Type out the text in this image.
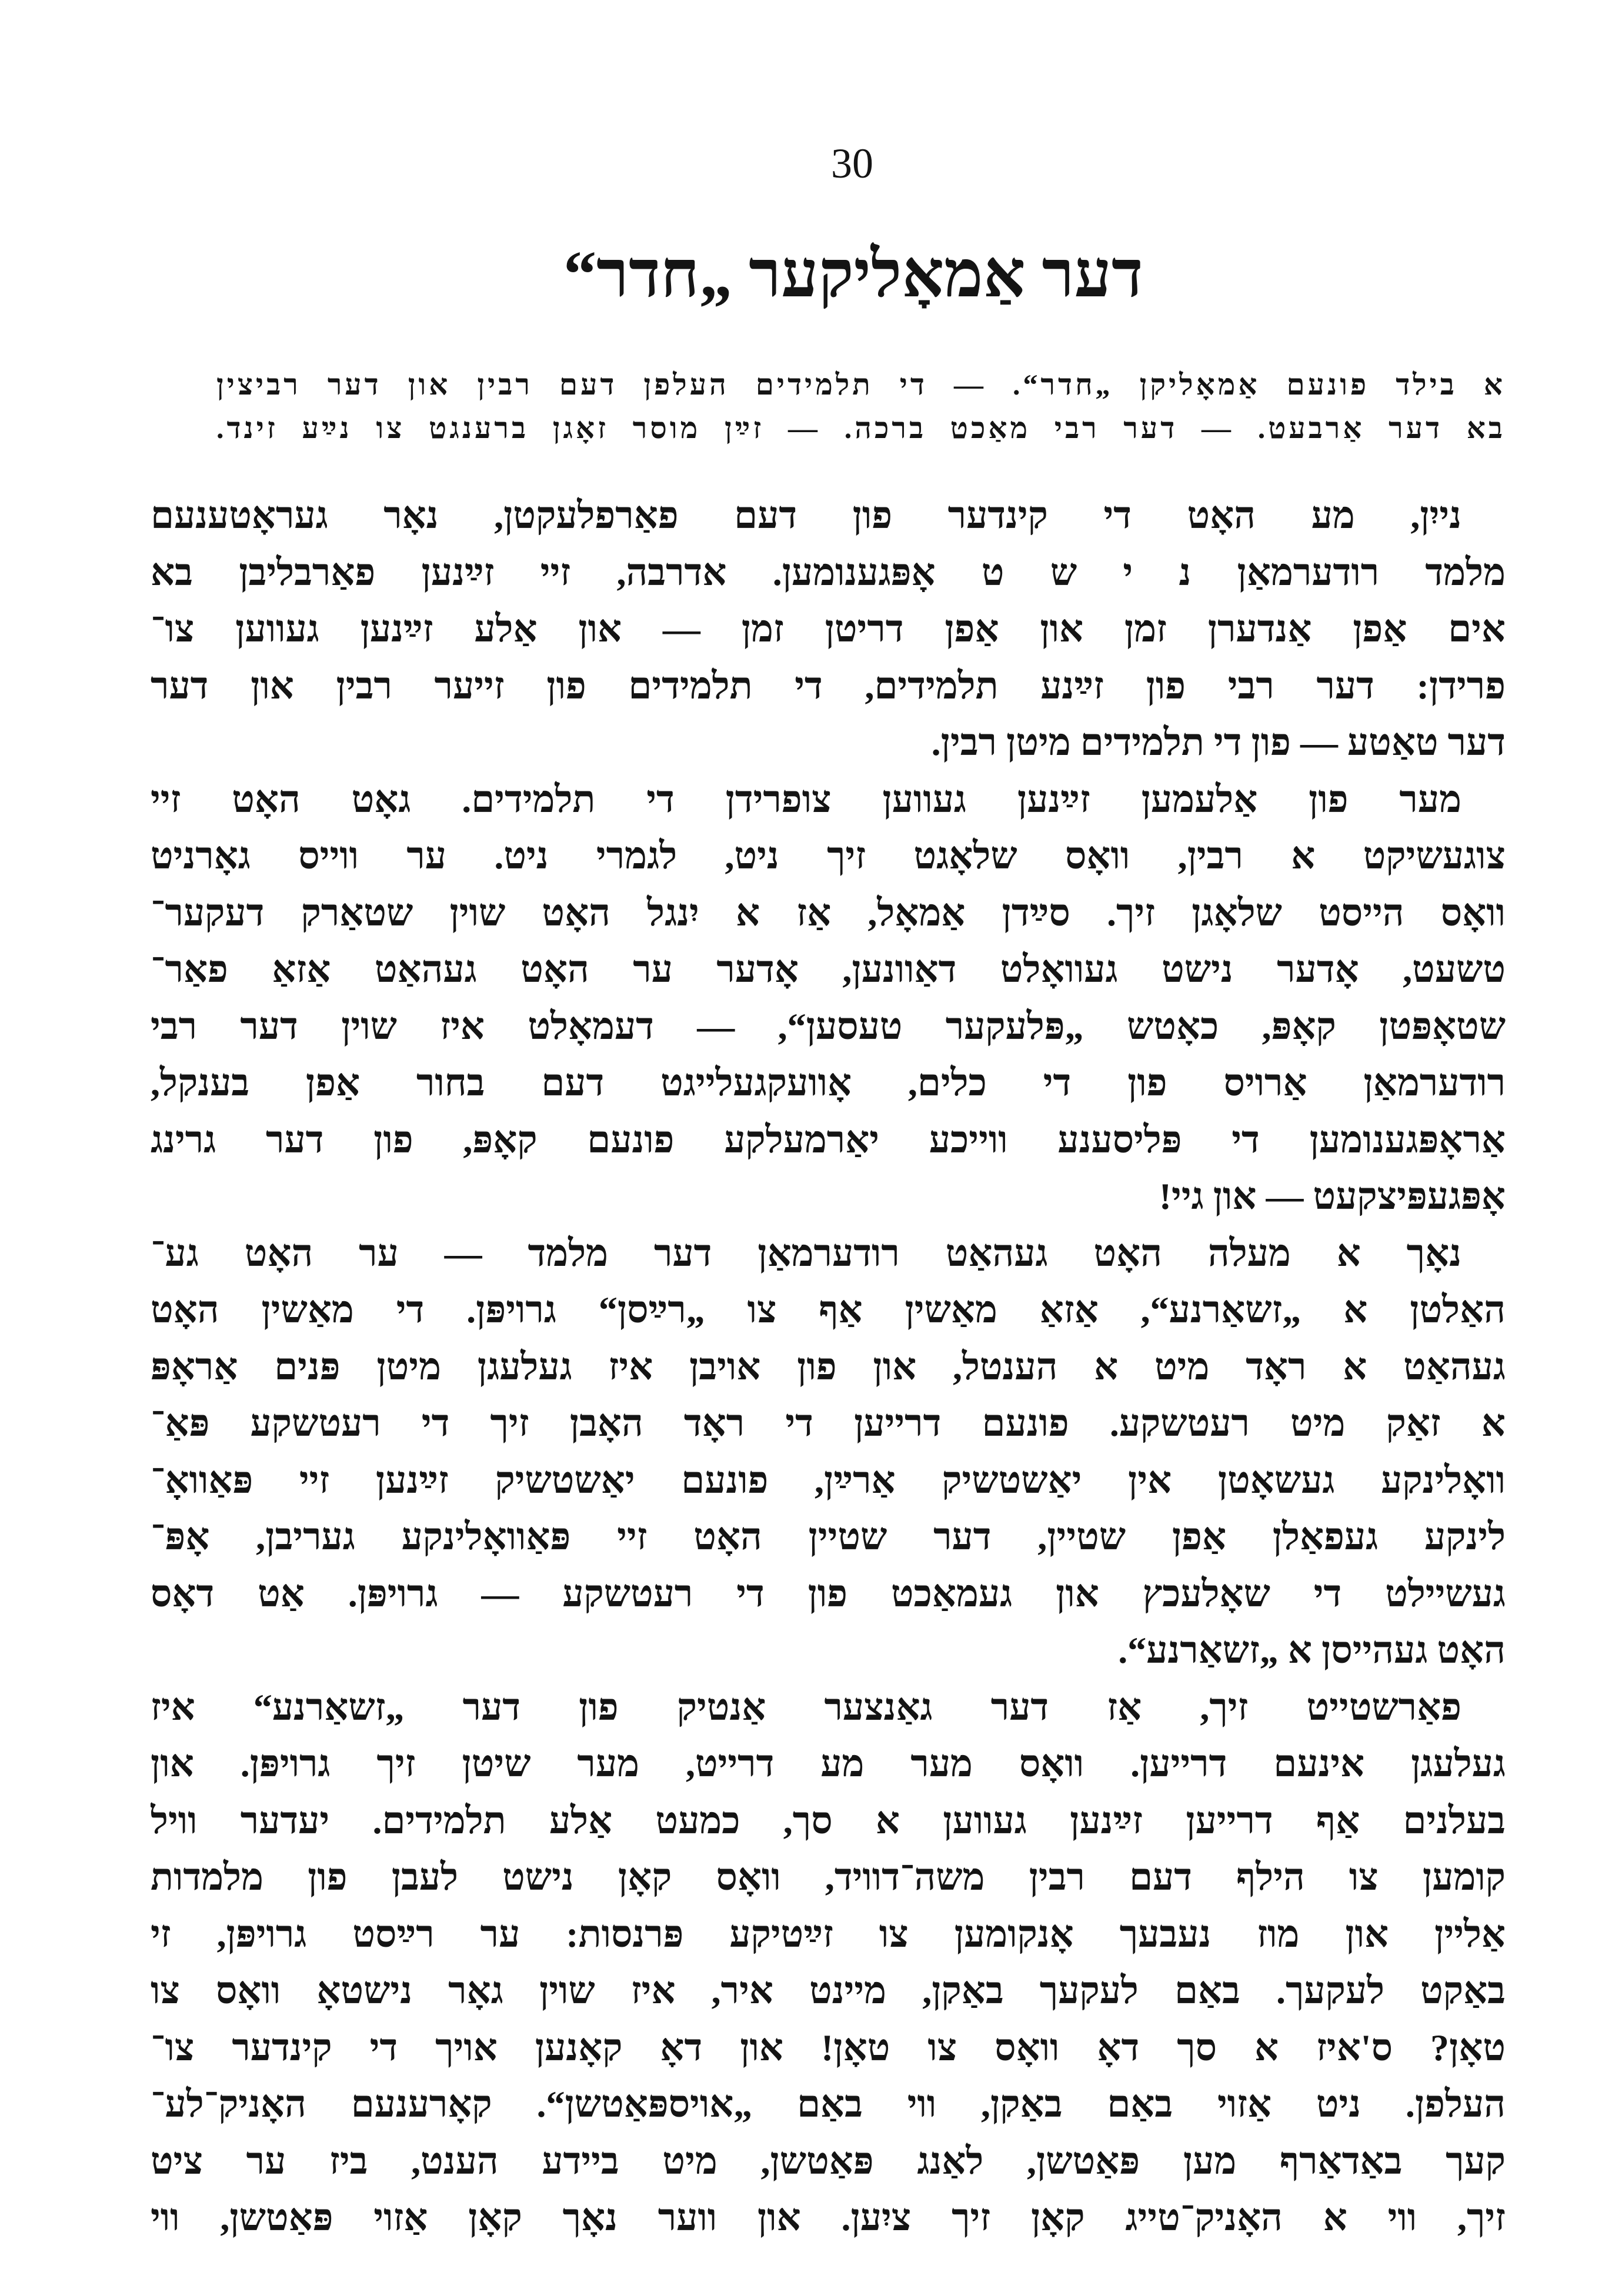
30
דער אַמאָליקער „חדר“
א בילד פונעם אַמאָליקן „חדר“. — די תלמידים העלפן דעם רבין און דער רביצין
בא דער אַרבעט. — דער רבי מאַכט ברכה. — זײַן מוסר זאָגן ברענגט צו נײַע זינד.
נייִן, מע האָט די קינדער פון דעם פאַרפלעקטן, נאָר געראָטענעם
מלמד רודערמאַן נ י ש ט אָפּגענומען. אדרבה, זיי זײַנען פאַרבליבן בא
אים אַפן אַנדערן זמן און אַפן דריטן זמן — און אַלע זײַנען געווען צו־
פרידן: דער רבי פון זײַנע תלמידים, די תלמידים פון זייער רבין און דער
דער טאַטע — פון די תלמידים מיטן רבין.
מער פון אַלעמען זײַנען געווען צופרידן די תלמידים. גאָט האָט זיי
צוגעשיקט א רבין, וואָס שלאָגט זיך ניט, לגמרי ניט. ער ווייס גאָרניט
וואָס הייסט שלאָגן זיך. סײַדן אַמאָל, אַז א יִנגל האָט שוין שטאַרק דעקער־
טשעט, אָדער נישט געוואָלט דאַוונען, אָדער ער האָט געהאַט אַזאַ פאַר־
שטאָפּטן קאָפּ, כאָטש „פּלעקער טעסען“, — דעמאָלט איז שוין דער רבי
רודערמאַן אַרויס פון די כלים, אָוועקגעלייגט דעם בחור אַפן בענקל,
אַראָפּגענומען די פּליסענע ווייכע יאַרמעלקע פונעם קאָפּ, פון דער גרינג
אָפּגעפּיצקעט — און גיי!
נאָך א מעלה האָט געהאַט רודערמאַן דער מלמד — ער האָט גע־
האַלטן א „זשאַרנע“, אַזאַ מאַשין אַף צו „רײַסן“ גרויפּן. די מאַשין האָט
געהאַט א ראָד מיט א הענטל, און פון אויבן איז געלעגן מיטן פּנים אַראָפּ
א זאַק מיט רעטשקע. פונעם דרייען די ראָד האָבן זיך די רעטשקע פּאַ־
וואָלינקע געשאָטן אין יאַשטשיק אַרײַן, פונעם יאַשטשיק זײַנען זיי פּאַוואָ־
לינקע געפאַלן אַפן שטיין, דער שטיין האָט זיי פּאַוואָלינקע געריבן, אָפּ־
געשיילט די שאָלעכץ און געמאַכט פון די רעטשקע — גרויפּן. אַט דאָס
האָט געהייסן א „זשאַרנע“.
פאַרשטייט זיך, אַז דער גאַנצער אַנטיק פון דער „זשאַרנע“ איז
געלעגן אינעם דרייען. וואָס מער מע דרייט, מער שיטן זיך גרויפּן. און
בעלנים אַף דרייען זײַנען געווען א סך, כמעט אַלע תלמידים. יעדער וויל
קומען צו הילף דעם רבין משה־דוויד, וואָס קאָן נישט לעבן פון מלמדות
אַליין און מוז נעבעך אָנקומען צו זײַטיקע פּרנסות: ער רײַסט גרויפּן, זי
באַקט לעקעך. באַם לעקעך באַקן, מיינט איר, איז שוין גאָר נישטאָ וואָס צו
טאָן? ס'איז א סך דאָ וואָס צו טאָן! און דאָ קאָנען אויך די קינדער צו־
העלפן. ניט אַזוי באַם באַקן, ווי באַם „אויספּאַטשן“. קאָרענעם האָניק־לע־
קעך באַדאַרף מען פּאַטשן, לאַנג פּאַטשן, מיט ביידע הענט, ביז ער ציט
זיך, ווי א האָניק־טייג קאָן זיך ציִען. און ווער נאָך קאָן אַזוי פּאַטשן, ווי
